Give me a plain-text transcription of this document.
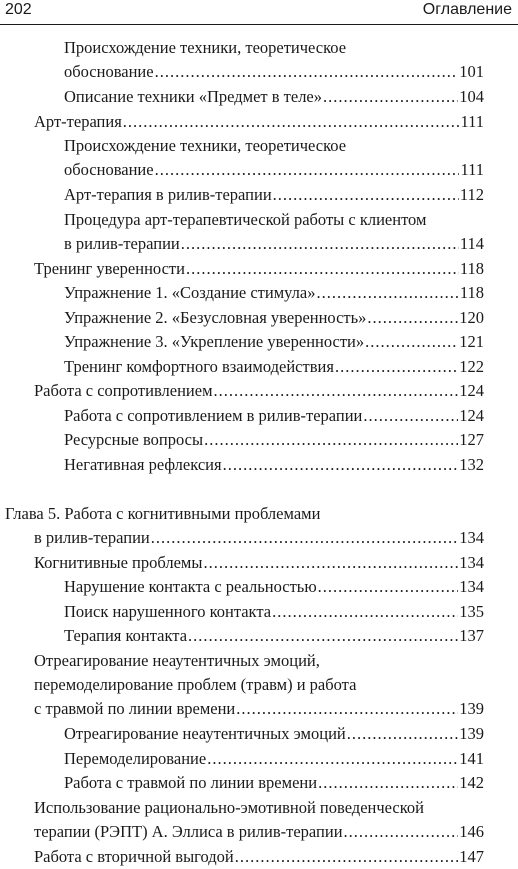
202	Оглавление
Происхождение техники, теоретическое
обоснование .....	101
Описание техники «Предмет в теле» .....	104
Арт-терапия .....	111
Происхождение техники, теоретическое
обоснование .....	111
Арт-терапия в рилив-терапии .....	112
Процедура арт-терапевтической работы с клиентом
в рилив-терапии .....	114
Тренинг уверенности .....	118
Упражнение 1. «Создание стимула» .....	118
Упражнение 2. «Безусловная уверенность» .....	120
Упражнение 3. «Укрепление уверенности» .....	121
Тренинг комфортного взаимодействия .....	122
Работа с сопротивлением .....	124
Работа с сопротивлением в рилив-терапии .....	124
Ресурсные вопросы .....	127
Негативная рефлексия .....	132
Глава 5. Работа с когнитивными проблемами
в рилив-терапии .....	134
Когнитивные проблемы .....	134
Нарушение контакта с реальностью .....	134
Поиск нарушенного контакта .....	135
Терапия контакта .....	137
Отреагирование неаутентичных эмоций,
перемоделирование проблем (травм) и работа
с травмой по линии времени .....	139
Отреагирование неаутентичных эмоций .....	139
Перемоделирование .....	141
Работа с травмой по линии времени .....	142
Использование рационально-эмотивной поведенческой
терапии (РЭПТ) А. Эллиса в рилив-терапии .....	146
Работа с вторичной выгодой .....	147
